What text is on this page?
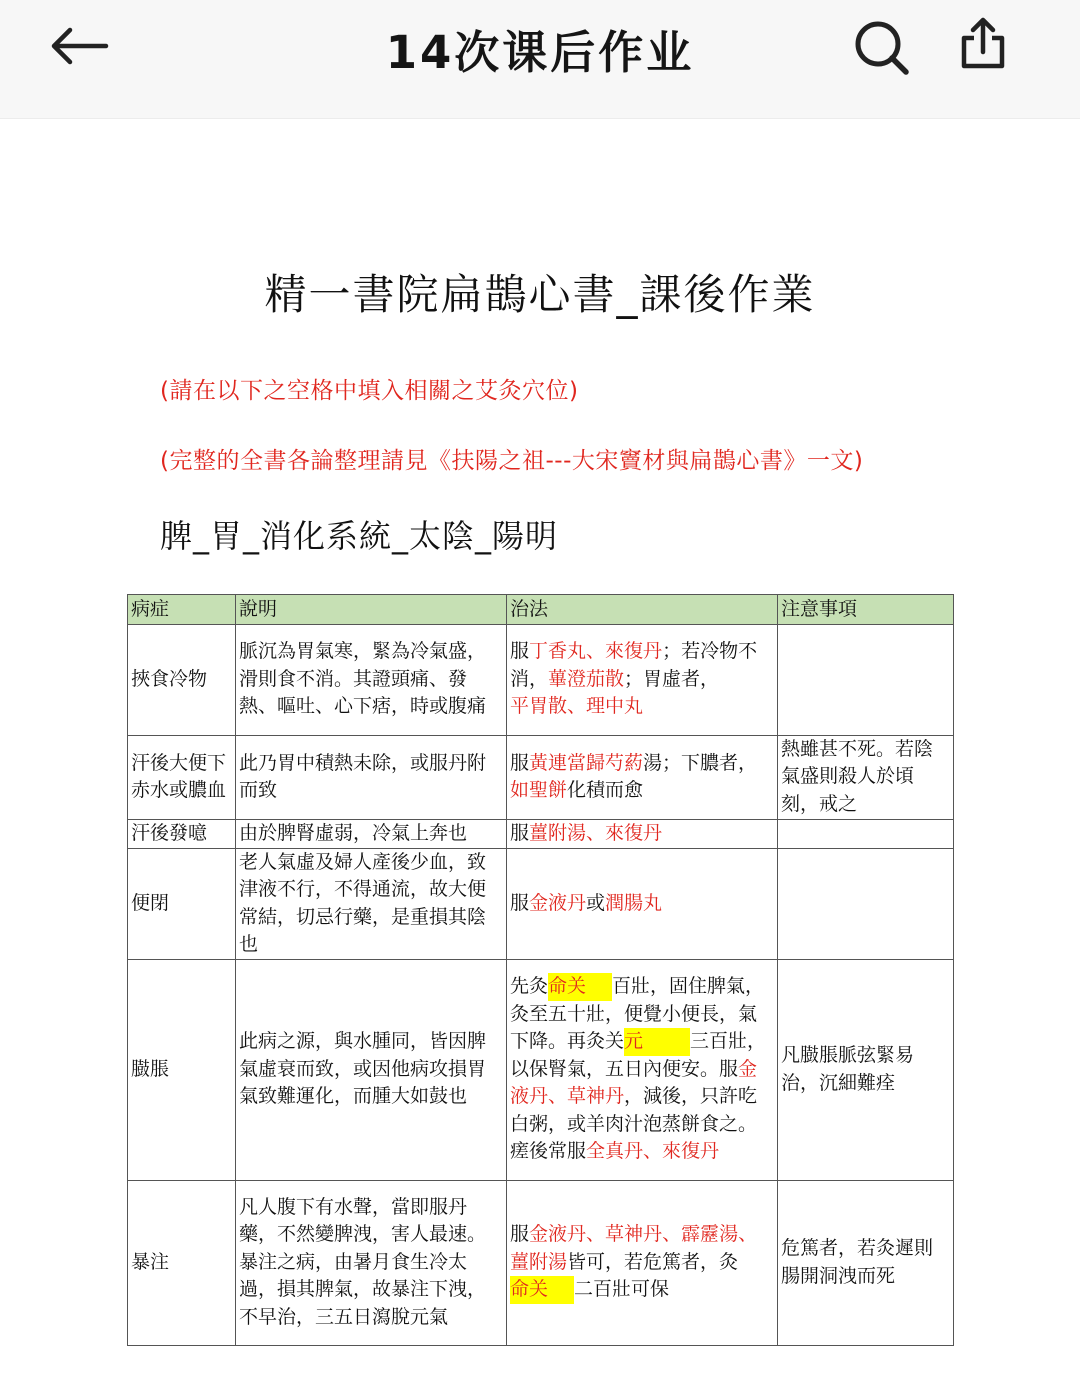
14次课后作业
精一書院扁鵲心書_課後作業
(請在以下之空格中填入相關之艾灸穴位)
(完整的全書各論整理請見《扶陽之祖---大宋竇材與扁鵲心書》一文)
脾_胃_消化系統_太陰_陽明
病症	說明	治法	注意事項
挾食冷物	脈沉為胃氣寒，緊為冷氣盛，滑則食不消。其證頭痛、發熱、嘔吐、心下痞，時或腹痛	服丁香丸、來復丹；若冷物不消，蓽澄茄散；胃虛者，
平胃散、理中丸	
汗後大便下赤水或膿血	此乃胃中積熱未除，或服丹附而致	服黃連當歸芍葯湯；下膿者，如聖餅化積而愈	熱雖甚不死。若陰氣盛則殺人於頃刻，戒之
汗後發噫	由於脾腎虛弱，冷氣上奔也	服薑附湯、來復丹	
便閉	老人氣虛及婦人產後少血，致津液不行，不得通流，故大便常結，切忌行藥，是重損其陰也	服金液丹或潤腸丸	
臌脹	此病之源，與水腫同，皆因脾氣虛衰而致，或因他病攻損胃氣致難運化，而腫大如鼓也	先灸命关 百壯，固住脾氣，灸至五十壯，便覺小便長，氣下降。再灸关元 三百壯，以保腎氣，五日內便安。服金液丹、草神丹，減後，只許吃白粥，或羊肉汁泡蒸餅食之。瘥後常服全真丹、來復丹	凡臌脹脈弦緊易治，沉細難痊
暴注	凡人腹下有水聲，當即服丹藥，不然變脾洩，害人最速。暴注之病，由暑月食生冷太過，損其脾氣，故暴注下洩，不早治，三五日瀉脫元氣	服金液丹、草神丹、霹靂湯、薑附湯皆可，若危篤者，灸命关 二百壯可保	危篤者，若灸遲則腸開洞洩而死
